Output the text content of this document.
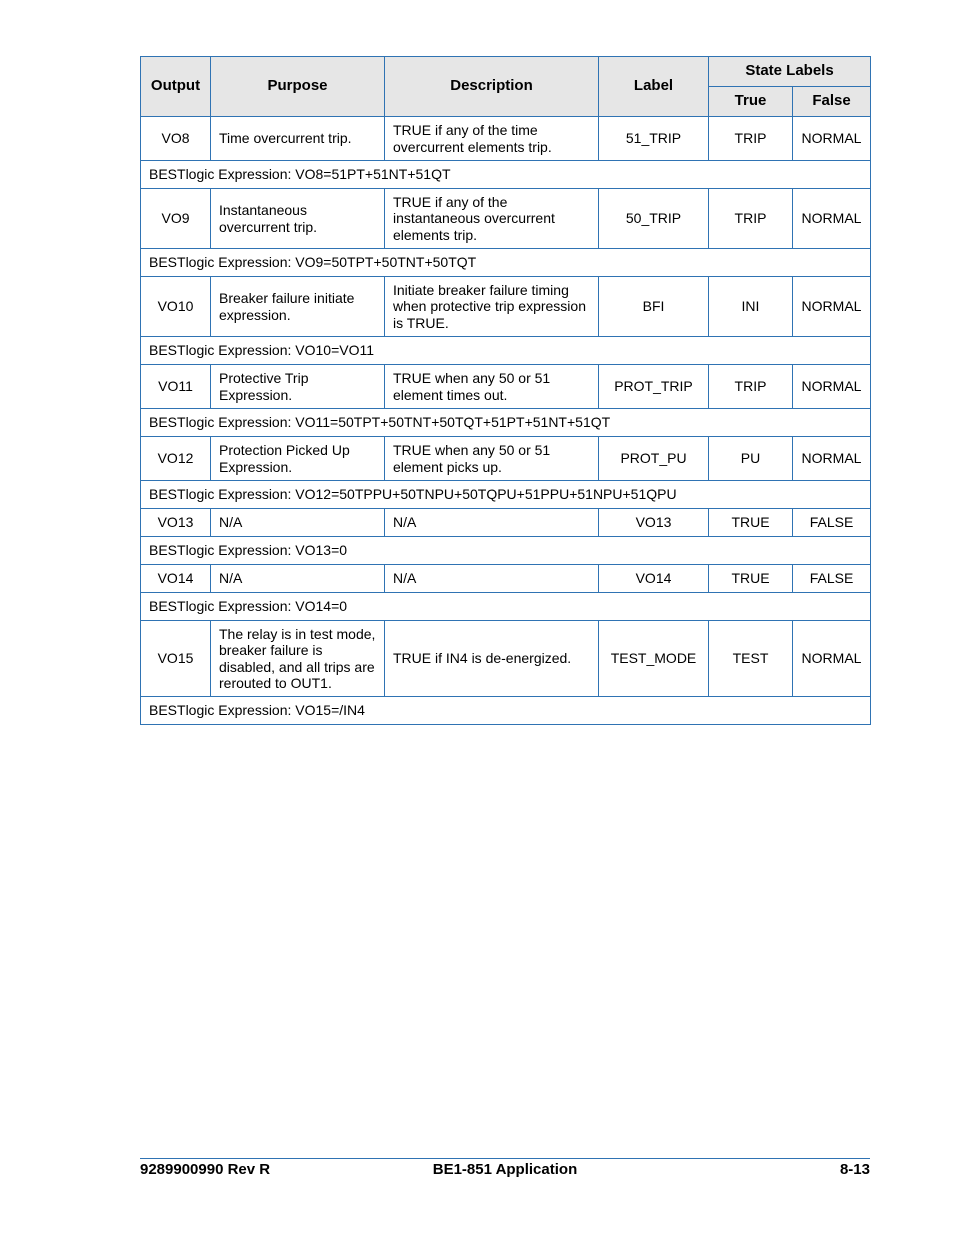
Output	Purpose	Description	Label	State Labels	
				True	False
VO8	Time overcurrent trip.	TRUE if any of the time overcurrent elements trip.	51_TRIP	TRIP	NORMAL
BESTlogic Expression: VO8=51PT+51NT+51QT					
VO9	Instantaneous overcurrent trip.	TRUE if any of the instantaneous overcurrent elements trip.	50_TRIP	TRIP	NORMAL
BESTlogic Expression: VO9=50TPT+50TNT+50TQT					
VO10	Breaker failure initiate expression.	Initiate breaker failure timing when protective trip expression is TRUE.	BFI	INI	NORMAL
BESTlogic Expression: VO10=VO11					
VO11	Protective Trip Expression.	TRUE when any 50 or 51 element times out.	PROT_TRIP	TRIP	NORMAL
BESTlogic Expression: VO11=50TPT+50TNT+50TQT+51PT+51NT+51QT					
VO12	Protection Picked Up Expression.	TRUE when any 50 or 51 element picks up.	PROT_PU	PU	NORMAL
BESTlogic Expression: VO12=50TPPU+50TNPU+50TQPU+51PPU+51NPU+51QPU					
VO13	N/A	N/A	VO13	TRUE	FALSE
BESTlogic Expression: VO13=0					
VO14	N/A	N/A	VO14	TRUE	FALSE
BESTlogic Expression: VO14=0					
VO15	The relay is in test mode, breaker failure is disabled, and all trips are rerouted to OUT1.	TRUE if IN4 is de-energized.	TEST_MODE	TEST	NORMAL
BESTlogic Expression: VO15=/IN4					
9289900990 Rev R	BE1-851 Application	8-13
